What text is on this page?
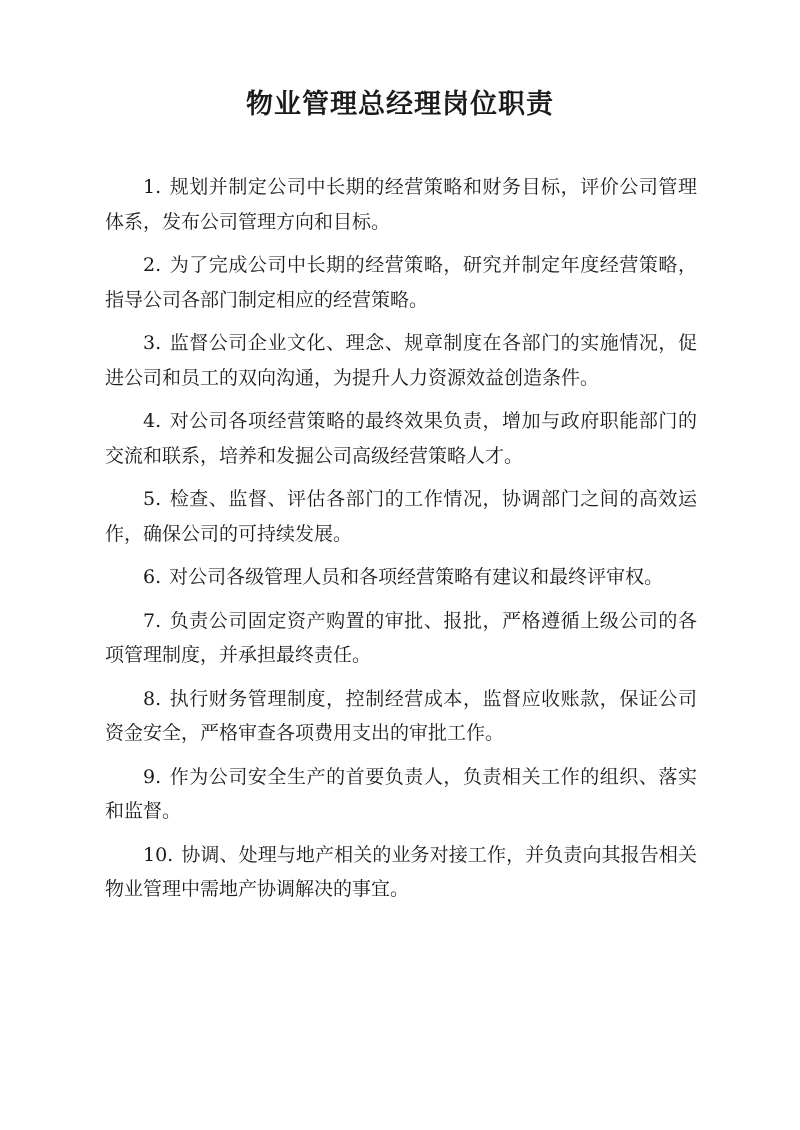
物业管理总经理岗位职责
1. 规划并制定公司中长期的经营策略和财务目标，评价公司管理体系，发布公司管理方向和目标。
2. 为了完成公司中长期的经营策略，研究并制定年度经营策略，指导公司各部门制定相应的经营策略。
3. 监督公司企业文化、理念、规章制度在各部门的实施情况，促进公司和员工的双向沟通，为提升人力资源效益创造条件。
4. 对公司各项经营策略的最终效果负责，增加与政府职能部门的交流和联系，培养和发掘公司高级经营策略人才。
5. 检查、监督、评估各部门的工作情况，协调部门之间的高效运作，确保公司的可持续发展。
6. 对公司各级管理人员和各项经营策略有建议和最终评审权。
7. 负责公司固定资产购置的审批、报批，严格遵循上级公司的各项管理制度，并承担最终责任。
8. 执行财务管理制度，控制经营成本，监督应收账款，保证公司资金安全，严格审查各项费用支出的审批工作。
9. 作为公司安全生产的首要负责人，负责相关工作的组织、落实和监督。
10. 协调、处理与地产相关的业务对接工作，并负责向其报告相关物业管理中需地产协调解决的事宜。
